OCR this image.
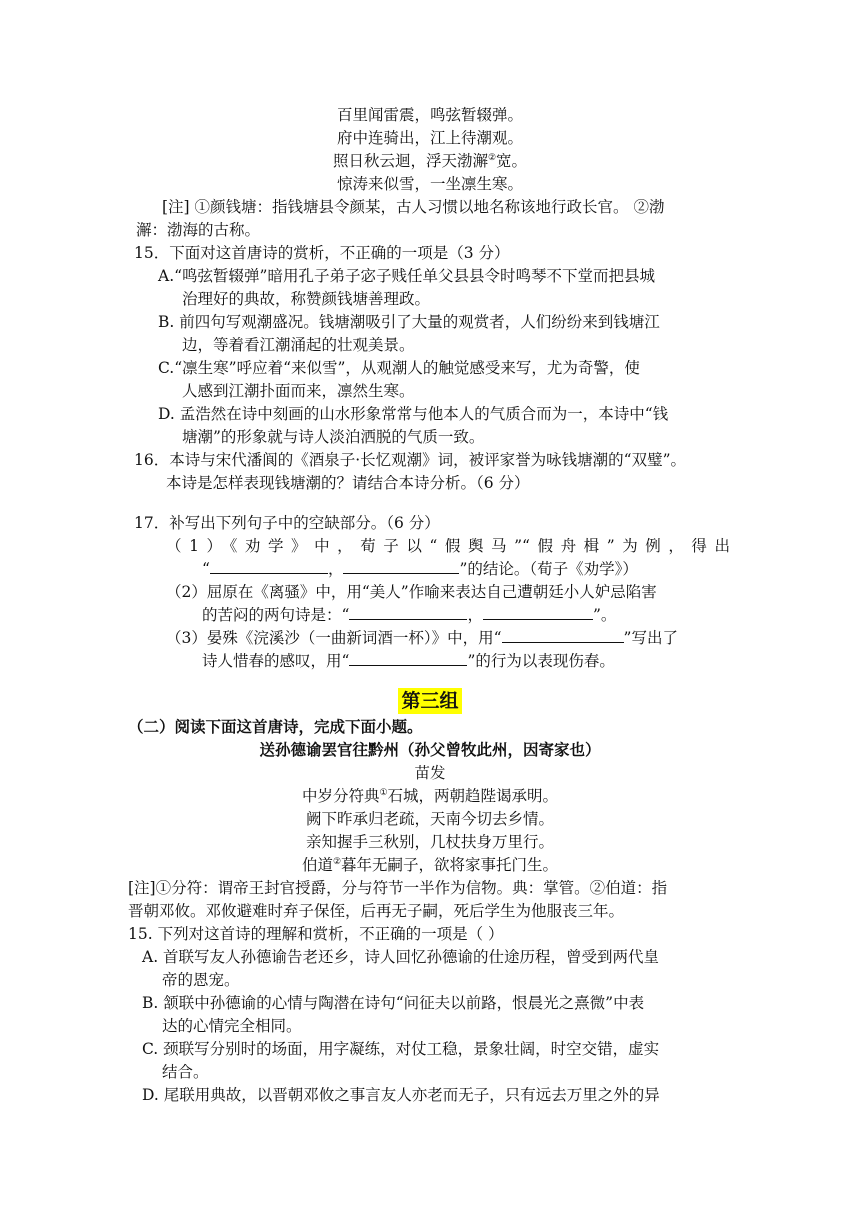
百里闻雷震，鸣弦暂辍弹。
府中连骑出，江上待潮观。
照日秋云迴，浮天渤澥②宽。
惊涛来似雪，一坐凛生寒。
[注] ①颜钱塘：指钱塘县令颜某，古人习惯以地名称该地行政长官。 ②渤
澥：渤海的古称。
15．下面对这首唐诗的赏析，不正确的一项是（3 分）
A.“鸣弦暂辍弹”暗用孔子弟子宓子贱任单父县县令时鸣琴不下堂而把县城
治理好的典故，称赞颜钱塘善理政。
B. 前四句写观潮盛况。钱塘潮吸引了大量的观赏者，人们纷纷来到钱塘江
边，等着看江潮涌起的壮观美景。
C.“凛生寒”呼应着“来似雪”，从观潮人的触觉感受来写，尤为奇警，使
人感到江潮扑面而来，凛然生寒。
D. 孟浩然在诗中刻画的山水形象常常与他本人的气质合而为一，本诗中“钱
塘潮”的形象就与诗人淡泊洒脱的气质一致。
16．本诗与宋代潘阆的《酒泉子·长忆观潮》词，被评家誉为咏钱塘潮的“双璧”。
本诗是怎样表现钱塘潮的？请结合本诗分析。（6 分）
17．补写出下列句子中的空缺部分。（6 分）
（1）《劝学》中，荀子以“假舆马”“假舟楫”为例，得出
“	，	”的结论。（荀子《劝学》）
（2）屈原在《离骚》中，用“美人”作喻来表达自己遭朝廷小人妒忌陷害
的苦闷的两句诗是：“	，	”。
（3）晏殊《浣溪沙（一曲新词酒一杯）》中，用“	”写出了
诗人惜春的感叹，用“	”的行为以表现伤春。
第三组
（二）阅读下面这首唐诗，完成下面小题。
送孙德谕罢官往黔州（孙父曾牧此州，因寄家也）
苗发
中岁分符典①石城，两朝趋陛谒承明。
阙下昨承归老疏，天南今切去乡情。
亲知握手三秋别，几杖扶身万里行。
伯道②暮年无嗣子，欲将家事托门生。
[注]①分符：谓帝王封官授爵，分与符节一半作为信物。典：掌管。②伯道：指
晋朝邓攸。邓攸避难时弃子保侄，后再无子嗣，死后学生为他服丧三年。
15. 下列对这首诗的理解和赏析，不正确的一项是（ ）
A. 首联写友人孙德谕告老还乡，诗人回忆孙德谕的仕途历程，曾受到两代皇
帝的恩宠。
B. 颔联中孙德谕的心情与陶潜在诗句“问征夫以前路，恨晨光之熹微”中表
达的心情完全相同。
C. 颈联写分别时的场面，用字凝练，对仗工稳，景象壮阔，时空交错，虚实
结合。
D. 尾联用典故，以晋朝邓攸之事言友人亦老而无子，只有远去万里之外的异
